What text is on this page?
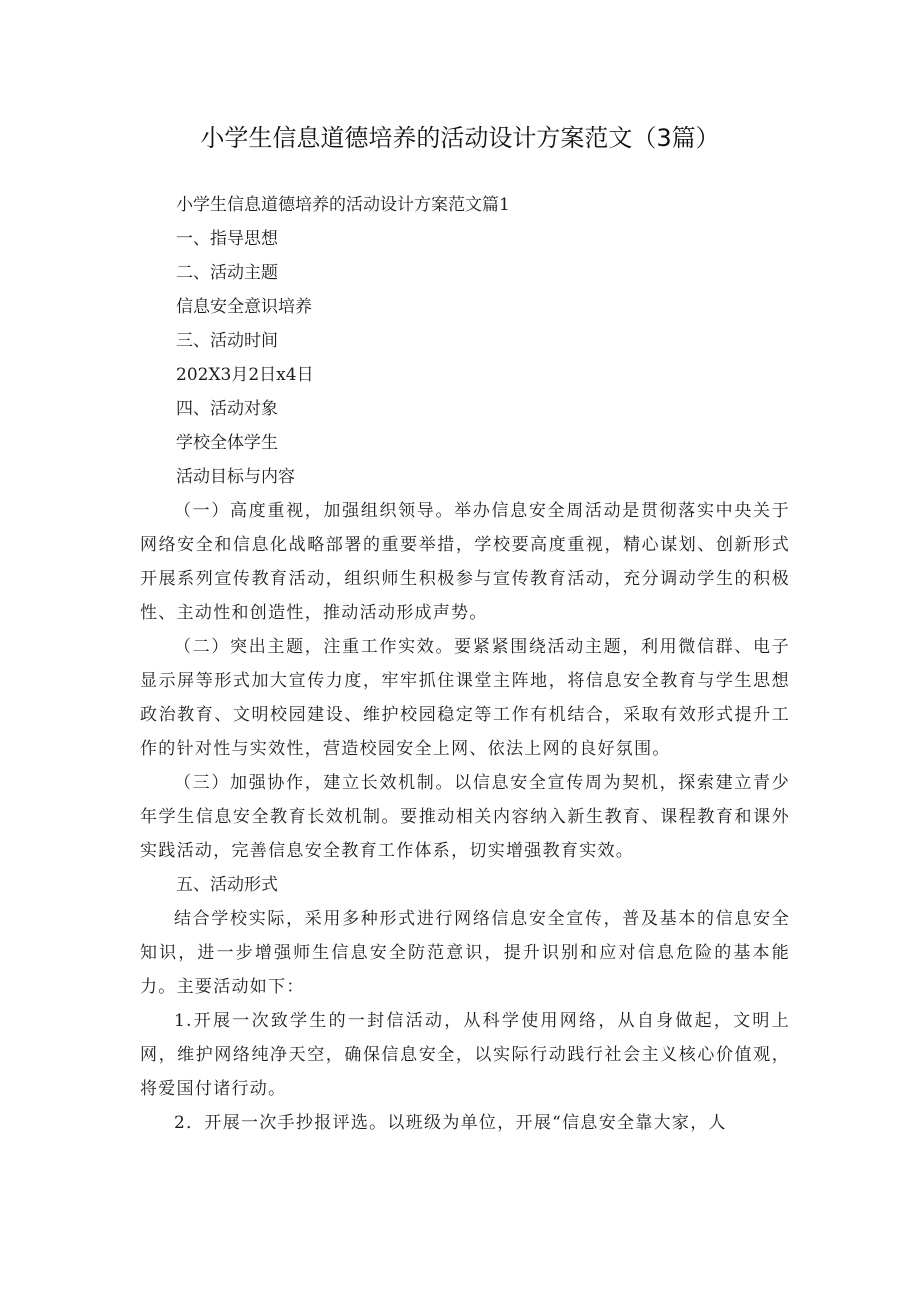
小学生信息道德培养的活动设计方案范文（3篇）

小学生信息道德培养的活动设计方案范文篇1

一、指导思想

二、活动主题

信息安全意识培养

三、活动时间

202X3月2日x4日

四、活动对象

学校全体学生

活动目标与内容

（一）高度重视，加强组织领导。举办信息安全周活动是贯彻落实中央关于网络安全和信息化战略部署的重要举措，学校要高度重视，精心谋划、创新形式开展系列宣传教育活动，组织师生积极参与宣传教育活动，充分调动学生的积极性、主动性和创造性，推动活动形成声势。

（二）突出主题，注重工作实效。要紧紧围绕活动主题，利用微信群、电子显示屏等形式加大宣传力度，牢牢抓住课堂主阵地，将信息安全教育与学生思想政治教育、文明校园建设、维护校园稳定等工作有机结合，采取有效形式提升工作的针对性与实效性，营造校园安全上网、依法上网的良好氛围。

（三）加强协作，建立长效机制。以信息安全宣传周为契机，探索建立青少年学生信息安全教育长效机制。要推动相关内容纳入新生教育、课程教育和课外实践活动，完善信息安全教育工作体系，切实增强教育实效。

五、活动形式

结合学校实际，采用多种形式进行网络信息安全宣传，普及基本的信息安全知识，进一步增强师生信息安全防范意识，提升识别和应对信息危险的基本能力。主要活动如下：

1.开展一次致学生的一封信活动，从科学使用网络，从自身做起，文明上网，维护网络纯净天空，确保信息安全，以实际行动践行社会主义核心价值观，将爱国付诸行动。

2．开展一次手抄报评选。以班级为单位，开展“信息安全靠大家，人
